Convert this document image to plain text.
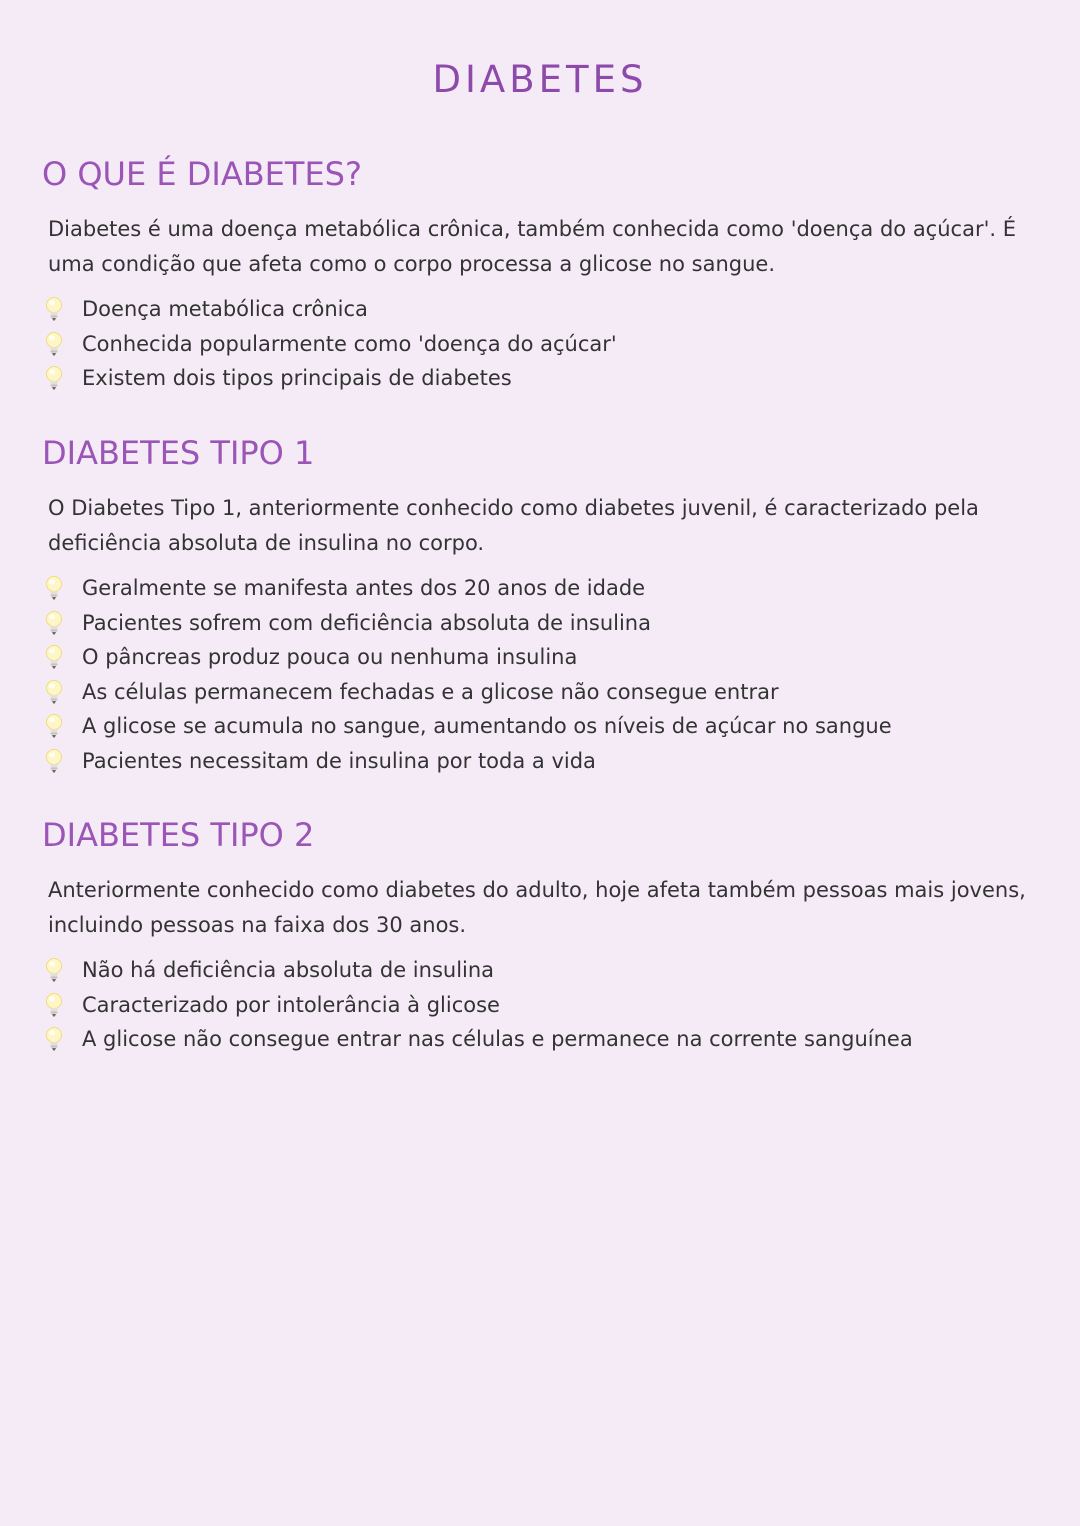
DIABETES
O QUE É DIABETES?

Diabetes é uma doença metabólica crônica, também conhecida como 'doença do açúcar'. É uma condição que afeta como o corpo processa a glicose no sangue.

Doença metabólica crônica
Conhecida popularmente como 'doença do açúcar'
Existem dois tipos principais de diabetes
DIABETES TIPO 1

O Diabetes Tipo 1, anteriormente conhecido como diabetes juvenil, é caracterizado pela deficiência absoluta de insulina no corpo.

Geralmente se manifesta antes dos 20 anos de idade
Pacientes sofrem com deficiência absoluta de insulina
O pâncreas produz pouca ou nenhuma insulina
As células permanecem fechadas e a glicose não consegue entrar
A glicose se acumula no sangue, aumentando os níveis de açúcar no sangue
Pacientes necessitam de insulina por toda a vida
DIABETES TIPO 2

Anteriormente conhecido como diabetes do adulto, hoje afeta também pessoas mais jovens, incluindo pessoas na faixa dos 30 anos.

Não há deficiência absoluta de insulina
Caracterizado por intolerância à glicose
A glicose não consegue entrar nas células e permanece na corrente sanguínea
